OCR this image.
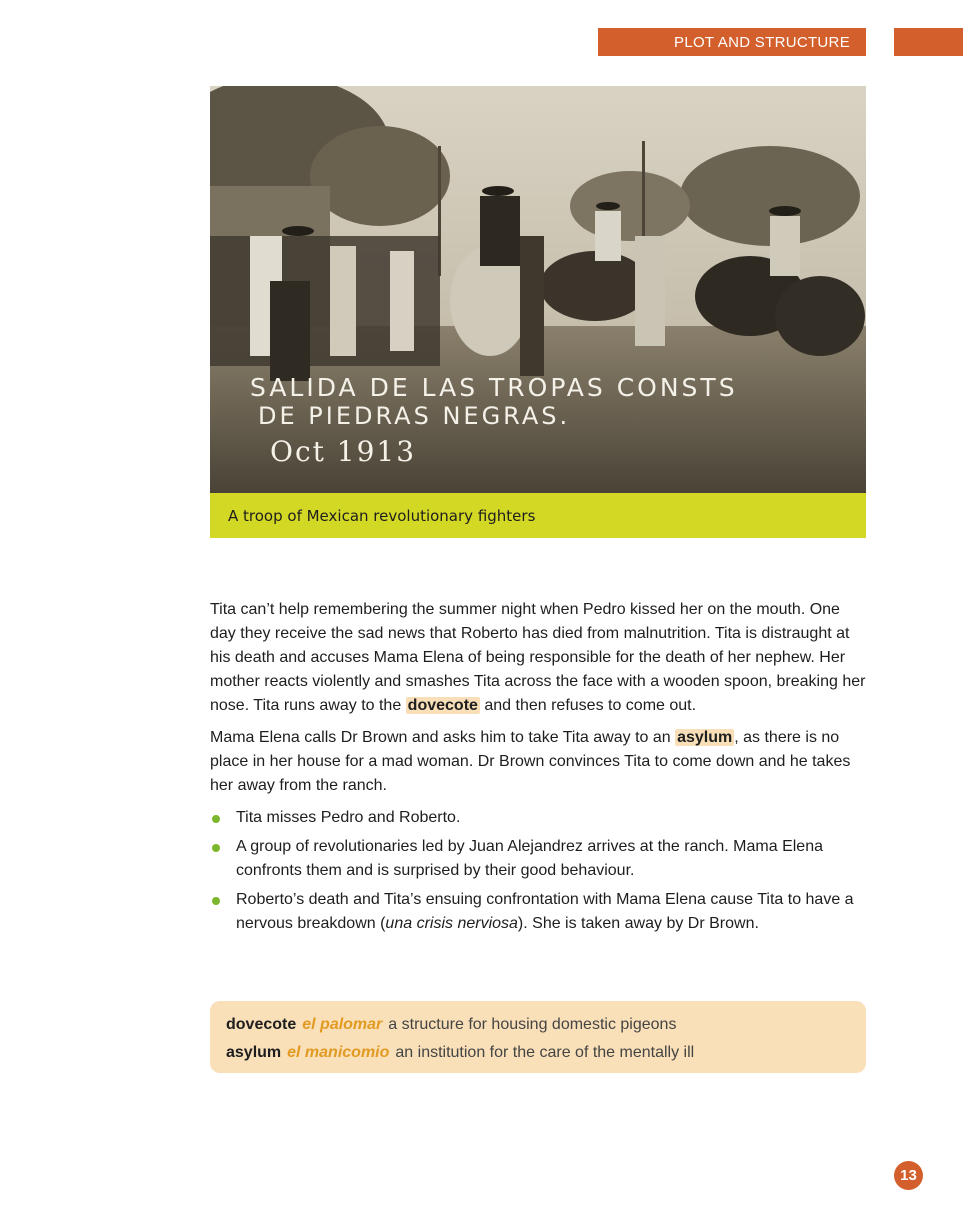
PLOT AND STRUCTURE
SALIDA DE LAS TROPAS CONSTS
DE PIEDRAS NEGRAS.
Oct 1913
A troop of Mexican revolutionary fighters

Tita can’t help remembering the summer night when Pedro kissed her on the mouth. One day they receive the sad news that Roberto has died from malnutrition. Tita is distraught at his death and accuses Mama Elena of being responsible for the death of her nephew. Her mother reacts violently and smashes Tita across the face with a wooden spoon, breaking her nose. Tita runs away to the dovecote and then refuses to come out.

Mama Elena calls Dr Brown and asks him to take Tita away to an asylum , as there is no place in her house for a mad woman. Dr Brown convinces Tita to come down and he takes her away from the ranch.

Tita misses Pedro and Roberto.
A group of revolutionaries led by Juan Alejandrez arrives at the ranch. Mama Elena confronts them and is surprised by their good behaviour.
Roberto’s death and Tita’s ensuing confrontation with Mama Elena cause Tita to have a nervous breakdown (una crisis nerviosa). She is taken away by Dr Brown.
dovecote el palomar a structure for housing domestic pigeons
asylum el manicomio an institution for the care of the mentally ill
13
